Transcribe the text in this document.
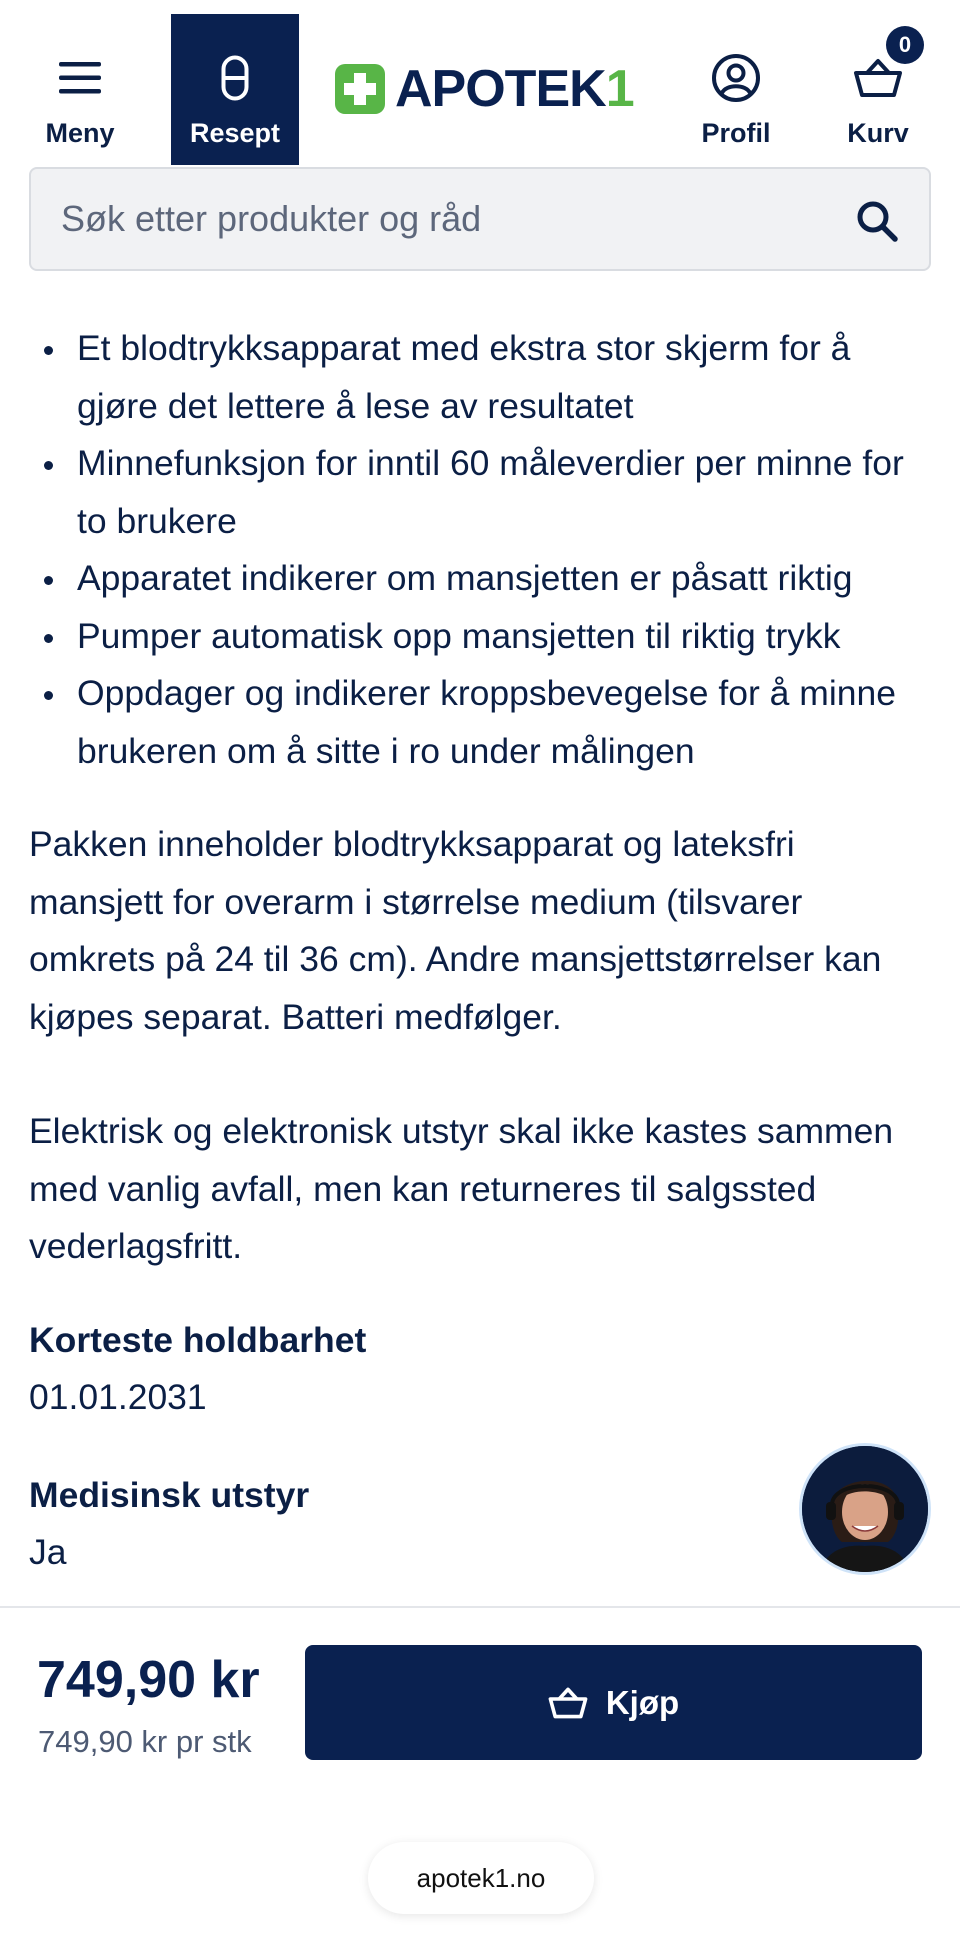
Meny	Resept
APOTEK1
Profil	Kurv
0
Søk etter produkter og råd
Et blodtrykksapparat med ekstra stor skjerm for å gjøre det lettere å lese av resultatet
Minnefunksjon for inntil 60 måleverdier per minne for to brukere
Apparatet indikerer om mansjetten er påsatt riktig
Pumper automatisk opp mansjetten til riktig trykk
Oppdager og indikerer kroppsbevegelse for å minne brukeren om å sitte i ro under målingen

Pakken inneholder blodtrykksapparat og lateksfri mansjett for overarm i størrelse medium (tilsvarer omkrets på 24 til 36 cm). Andre mansjettstørrelser kan kjøpes separat. Batteri medfølger.

Elektrisk og elektronisk utstyr skal ikke kastes sammen med vanlig avfall, men kan returneres til salgssted vederlagsfritt.

Korteste holdbarhet
01.01.2031
Medisinsk utstyr
Ja
749,90 kr
749,90 kr pr stk
Kjøp
apotek1.no
